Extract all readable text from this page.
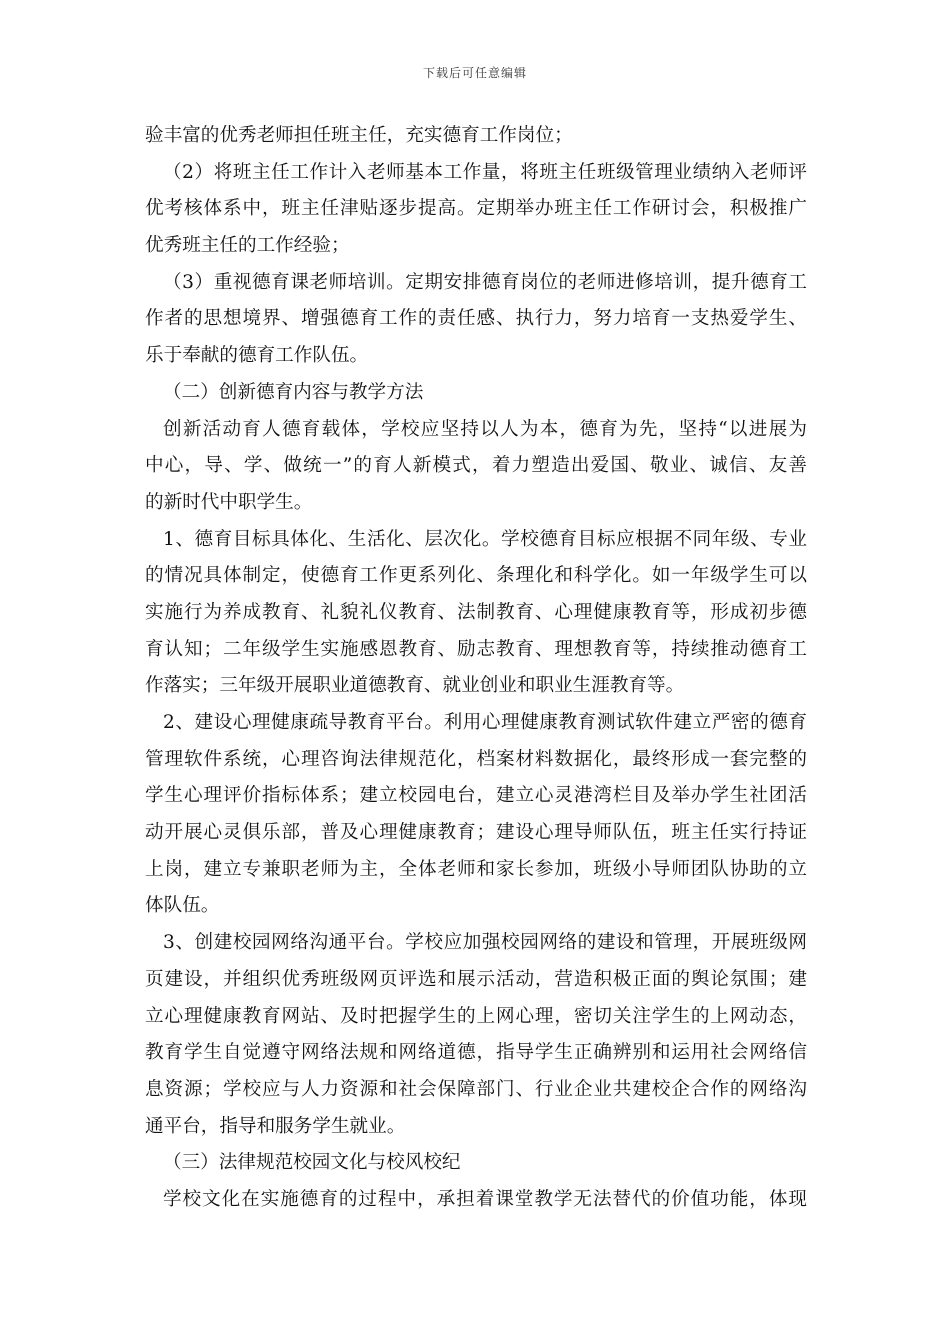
下载后可任意编辑
验丰富的优秀老师担任班主任，充实德育工作岗位；
（2）将班主任工作计入老师基本工作量，将班主任班级管理业绩纳入老师评
优考核体系中，班主任津贴逐步提高。定期举办班主任工作研讨会，积极推广
优秀班主任的工作经验；
（3）重视德育课老师培训。定期安排德育岗位的老师进修培训，提升德育工
作者的思想境界、增强德育工作的责任感、执行力，努力培育一支热爱学生、
乐于奉献的德育工作队伍。
（二）创新德育内容与教学方法
创新活动育人德育载体，学校应坚持以人为本，德育为先，坚持“以进展为
中心，导、学、做统一”的育人新模式，着力塑造出爱国、敬业、诚信、友善
的新时代中职学生。
1、德育目标具体化、生活化、层次化。学校德育目标应根据不同年级、专业
的情况具体制定，使德育工作更系列化、条理化和科学化。如一年级学生可以
实施行为养成教育、礼貌礼仪教育、法制教育、心理健康教育等，形成初步德
育认知；二年级学生实施感恩教育、励志教育、理想教育等，持续推动德育工
作落实；三年级开展职业道德教育、就业创业和职业生涯教育等。
2、建设心理健康疏导教育平台。利用心理健康教育测试软件建立严密的德育
管理软件系统，心理咨询法律规范化，档案材料数据化，最终形成一套完整的
学生心理评价指标体系；建立校园电台，建立心灵港湾栏目及举办学生社团活
动开展心灵俱乐部，普及心理健康教育；建设心理导师队伍，班主任实行持证
上岗，建立专兼职老师为主，全体老师和家长参加，班级小导师团队协助的立
体队伍。
3、创建校园网络沟通平台。学校应加强校园网络的建设和管理，开展班级网
页建设，并组织优秀班级网页评选和展示活动，营造积极正面的舆论氛围；建
立心理健康教育网站、及时把握学生的上网心理，密切关注学生的上网动态，
教育学生自觉遵守网络法规和网络道德，指导学生正确辨别和运用社会网络信
息资源；学校应与人力资源和社会保障部门、行业企业共建校企合作的网络沟
通平台，指导和服务学生就业。
（三）法律规范校园文化与校风校纪
学校文化在实施德育的过程中，承担着课堂教学无法替代的价值功能，体现
